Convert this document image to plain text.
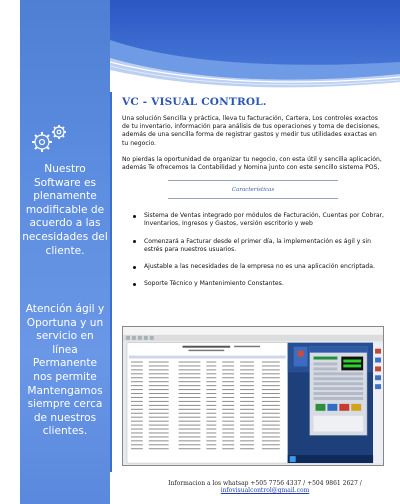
Nuestro Software es plenamente modificable de acuerdo a las necesidades del cliente.
Atención ágil y Oportuna y un servicio en línea Permanente nos permite Mantengamos siempre cerca de nuestros clientes.
VC - VISUAL CONTROL.

Una solución Sencilla y práctica, lleva tu facturación, Cartera, Los controles exactos de tu inventario, información para análisis de tus operaciones y toma de decisiones, además de una sencilla forma de registrar gastos y medir tus utilidades exactas en tu negocio.

No pierdas la oportunidad de organizar tu negocio, con esta útil y sencilla aplicación, además Te ofrecemos la Contabilidad y Nomina junto con este sencillo sistema POS,

Características
Sistema de Ventas integrado por módulos de Facturación, Cuentas por Cobrar, Inventarios, Ingresos y Gastos, versión escritorio y web
Comenzará a Facturar desde el primer día, la implementación es ágil y sin estrés para nuestros usuarios.
Ajustable a las necesidades de la empresa no es una aplicación encriptada.
Soporte Técnico y Mantenimiento Constantes.
Informacion a los whatsap +505 7756 4337 / +504 9861 2627 / infovisualcontrol@gmail.com
